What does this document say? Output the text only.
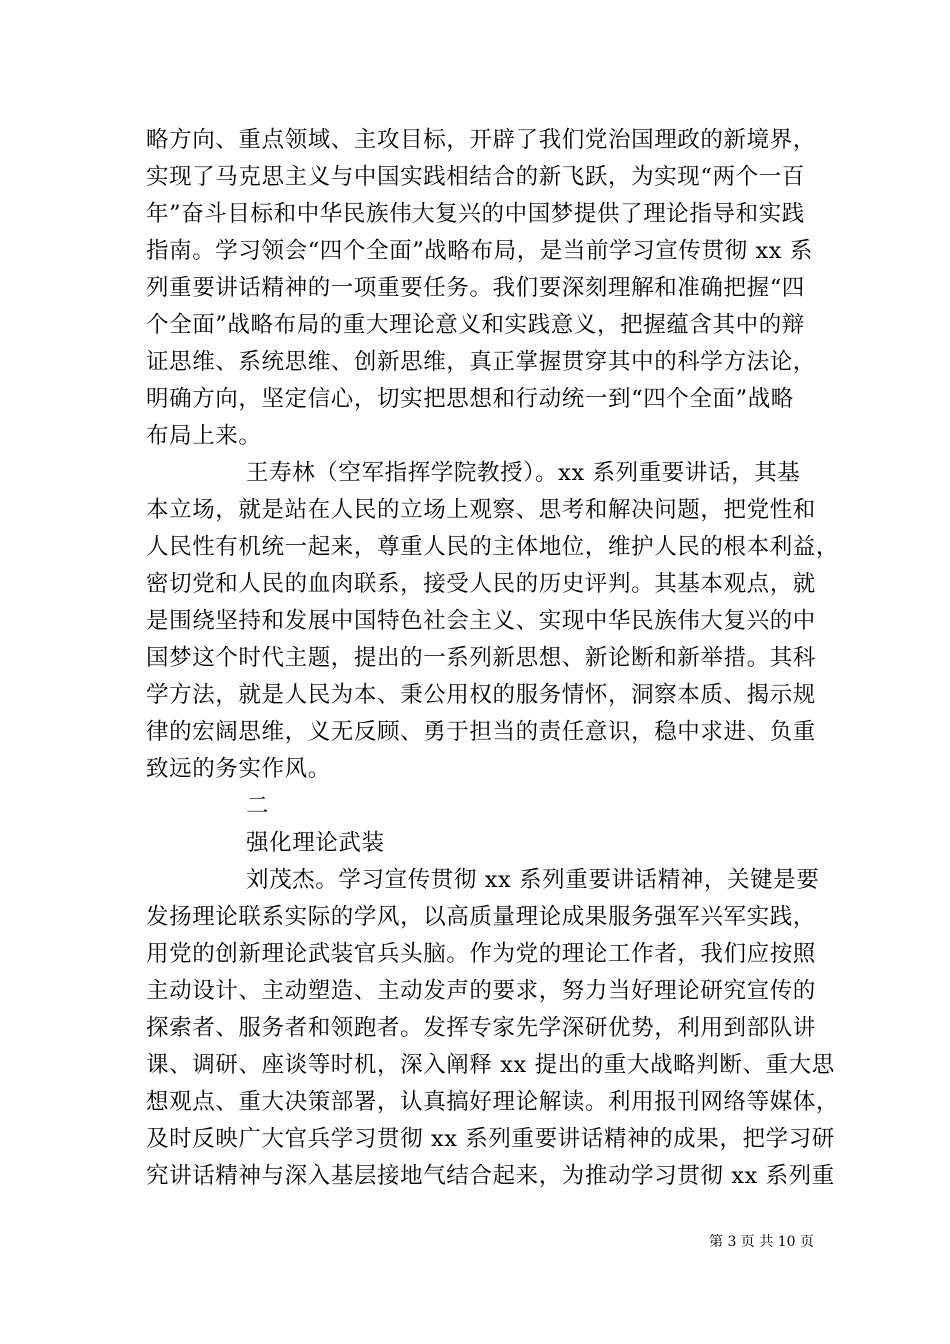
略方向、重点领域、主攻目标，开辟了我们党治国理政的新境界，
实现了马克思主义与中国实践相结合的新飞跃，为实现“两个一百
年”奋斗目标和中华民族伟大复兴的中国梦提供了理论指导和实践
指南。学习领会“四个全面”战略布局，是当前学习宣传贯彻 xx 系
列重要讲话精神的一项重要任务。我们要深刻理解和准确把握“四
个全面”战略布局的重大理论意义和实践意义，把握蕴含其中的辩
证思维、系统思维、创新思维，真正掌握贯穿其中的科学方法论，
明确方向，坚定信心，切实把思想和行动统一到“四个全面”战略
布局上来。
王寿林（空军指挥学院教授）。xx 系列重要讲话，其基
本立场，就是站在人民的立场上观察、思考和解决问题，把党性和
人民性有机统一起来，尊重人民的主体地位，维护人民的根本利益，
密切党和人民的血肉联系，接受人民的历史评判。其基本观点，就
是围绕坚持和发展中国特色社会主义、实现中华民族伟大复兴的中
国梦这个时代主题，提出的一系列新思想、新论断和新举措。其科
学方法，就是人民为本、秉公用权的服务情怀，洞察本质、揭示规
律的宏阔思维，义无反顾、勇于担当的责任意识，稳中求进、负重
致远的务实作风。
二
强化理论武装
刘茂杰。学习宣传贯彻 xx 系列重要讲话精神，关键是要
发扬理论联系实际的学风，以高质量理论成果服务强军兴军实践，
用党的创新理论武装官兵头脑。作为党的理论工作者，我们应按照
主动设计、主动塑造、主动发声的要求，努力当好理论研究宣传的
探索者、服务者和领跑者。发挥专家先学深研优势，利用到部队讲
课、调研、座谈等时机，深入阐释 xx 提出的重大战略判断、重大思
想观点、重大决策部署，认真搞好理论解读。利用报刊网络等媒体，
及时反映广大官兵学习贯彻 xx 系列重要讲话精神的成果，把学习研
究讲话精神与深入基层接地气结合起来，为推动学习贯彻 xx 系列重
第 3 页 共 10 页
